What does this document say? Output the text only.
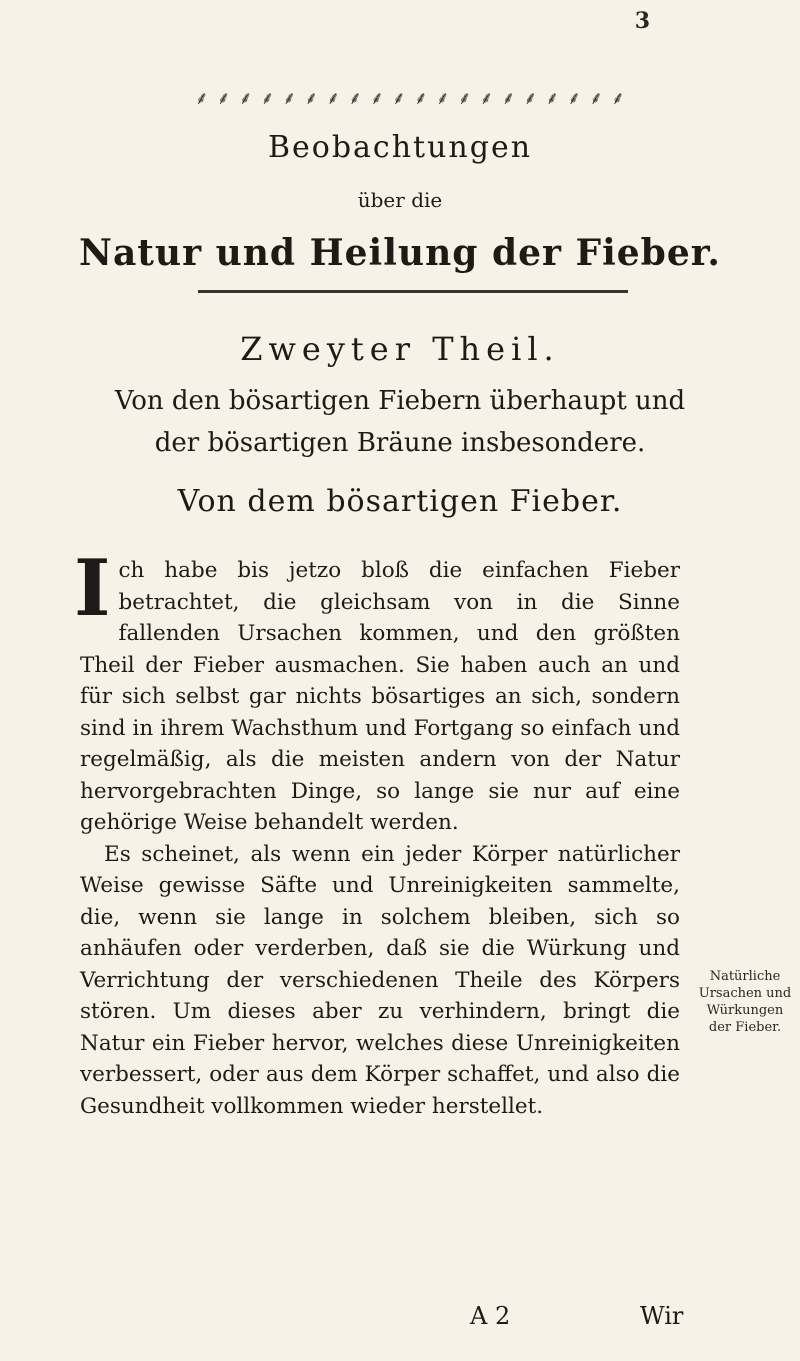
3
⸙ ⸙ ⸙ ⸙ ⸙ ⸙ ⸙ ⸙ ⸙ ⸙ ⸙ ⸙ ⸙ ⸙ ⸙ ⸙ ⸙ ⸙ ⸙ ⸙
Beobachtungen
über die
Natur und Heilung der Fieber.
Zweyter Theil.
Von den bösartigen Fiebern überhaupt und
der bösartigen Bräune insbesondere.
Von dem bösartigen Fieber.

Ich habe bis jetzo bloß die einfachen Fieber betrachtet, die gleichsam von in die Sinne fallenden Ursachen kommen, und den größten Theil der Fieber ausmachen. Sie haben auch an und für sich selbst gar nichts bösartiges an sich, sondern sind in ihrem Wachsthum und Fortgang so einfach und regelmäßig, als die meisten andern von der Natur hervorgebrachten Dinge, so lange sie nur auf eine gehörige Weise behandelt werden.

Es scheinet, als wenn ein jeder Körper natürlicher Weise gewisse Säfte und Unreinigkeiten sammelte, die, wenn sie lange in solchem bleiben, sich so anhäufen oder verderben, daß sie die Würkung und Verrichtung der verschiedenen Theile des Körpers stören. Um dieses aber zu verhindern, bringt die Natur ein Fieber hervor, welches diese Unreinigkeiten verbessert, oder aus dem Körper schaffet, und also die Gesundheit vollkommen wieder herstellet.

Natürliche
Ursachen und
Würkungen
der Fieber.
A 2	Wir
